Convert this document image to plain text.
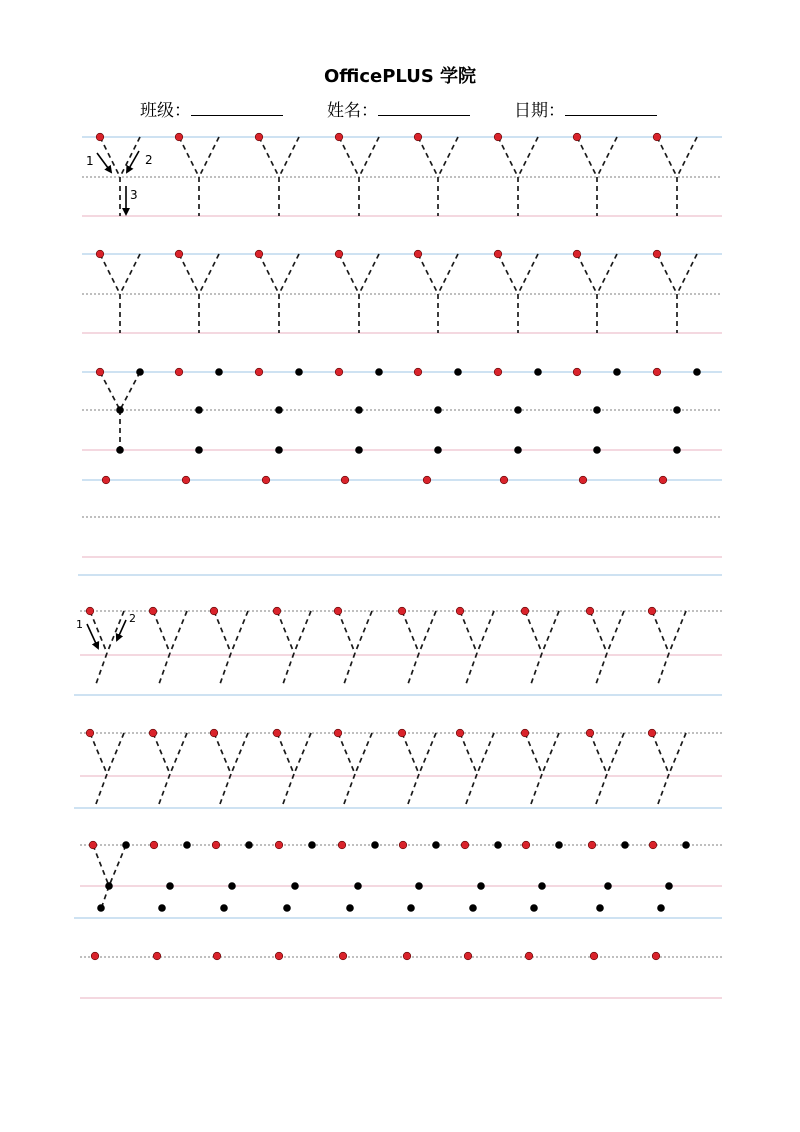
OfficePLUS 学院
班级：	姓名：	日期：
1	2
3
1	2
